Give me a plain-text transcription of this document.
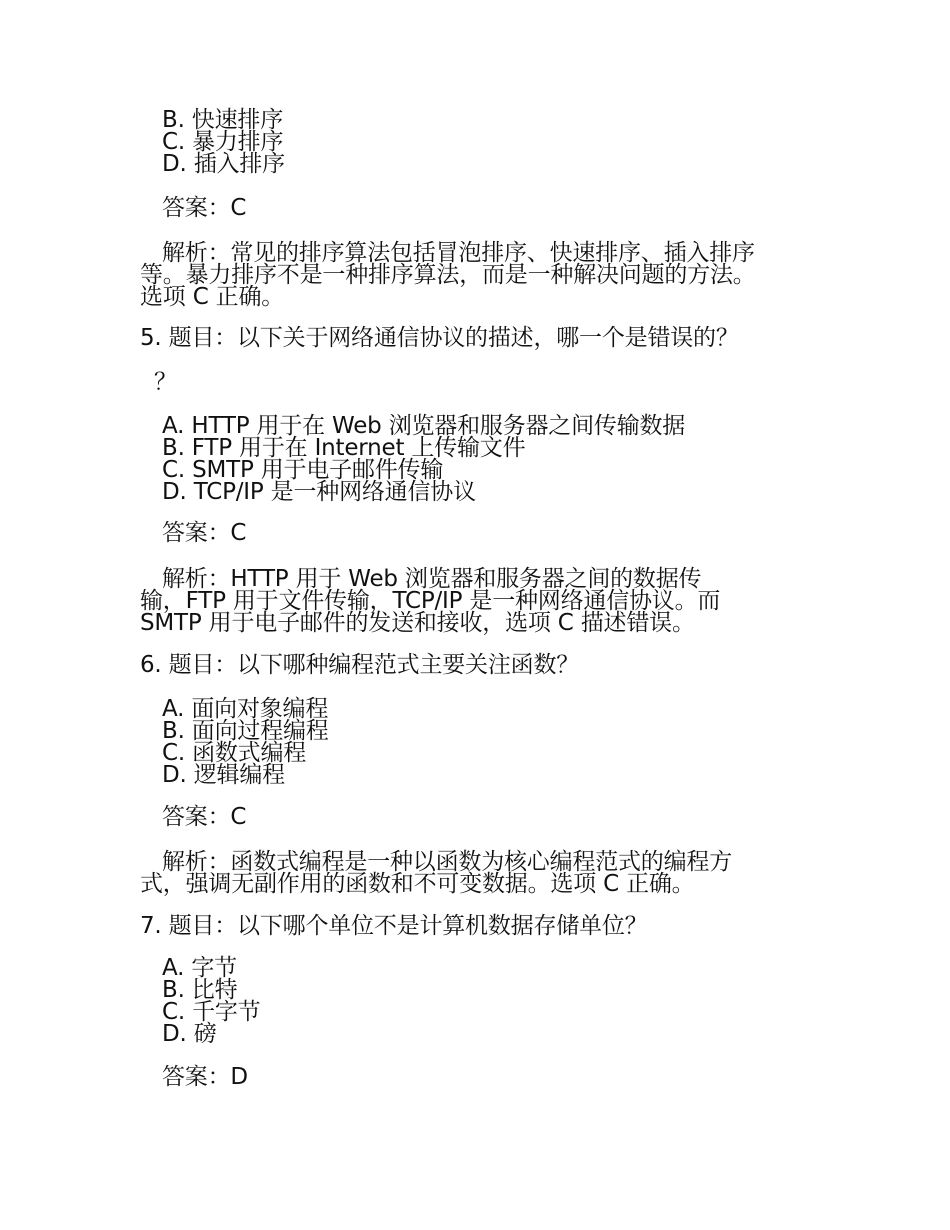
B. 快速排序
C. 暴力排序
D. 插入排序
答案：C
解析：常见的排序算法包括冒泡排序、快速排序、插入排序
等。暴力排序不是一种排序算法，而是一种解决问题的方法。
选项 C 正确。
5. 题目：以下关于网络通信协议的描述，哪一个是错误的？
？
A. HTTP 用于在 Web 浏览器和服务器之间传输数据
B. FTP 用于在 Internet 上传输文件
C. SMTP 用于电子邮件传输
D. TCP/IP 是一种网络通信协议
答案：C
解析：HTTP 用于 Web 浏览器和服务器之间的数据传
输，FTP 用于文件传输，TCP/IP 是一种网络通信协议。而
SMTP 用于电子邮件的发送和接收，选项 C 描述错误。
6. 题目：以下哪种编程范式主要关注函数？
A. 面向对象编程
B. 面向过程编程
C. 函数式编程
D. 逻辑编程
答案：C
解析：函数式编程是一种以函数为核心编程范式的编程方
式，强调无副作用的函数和不可变数据。选项 C 正确。
7. 题目：以下哪个单位不是计算机数据存储单位？
A. 字节
B. 比特
C. 千字节
D. 磅
答案：D
